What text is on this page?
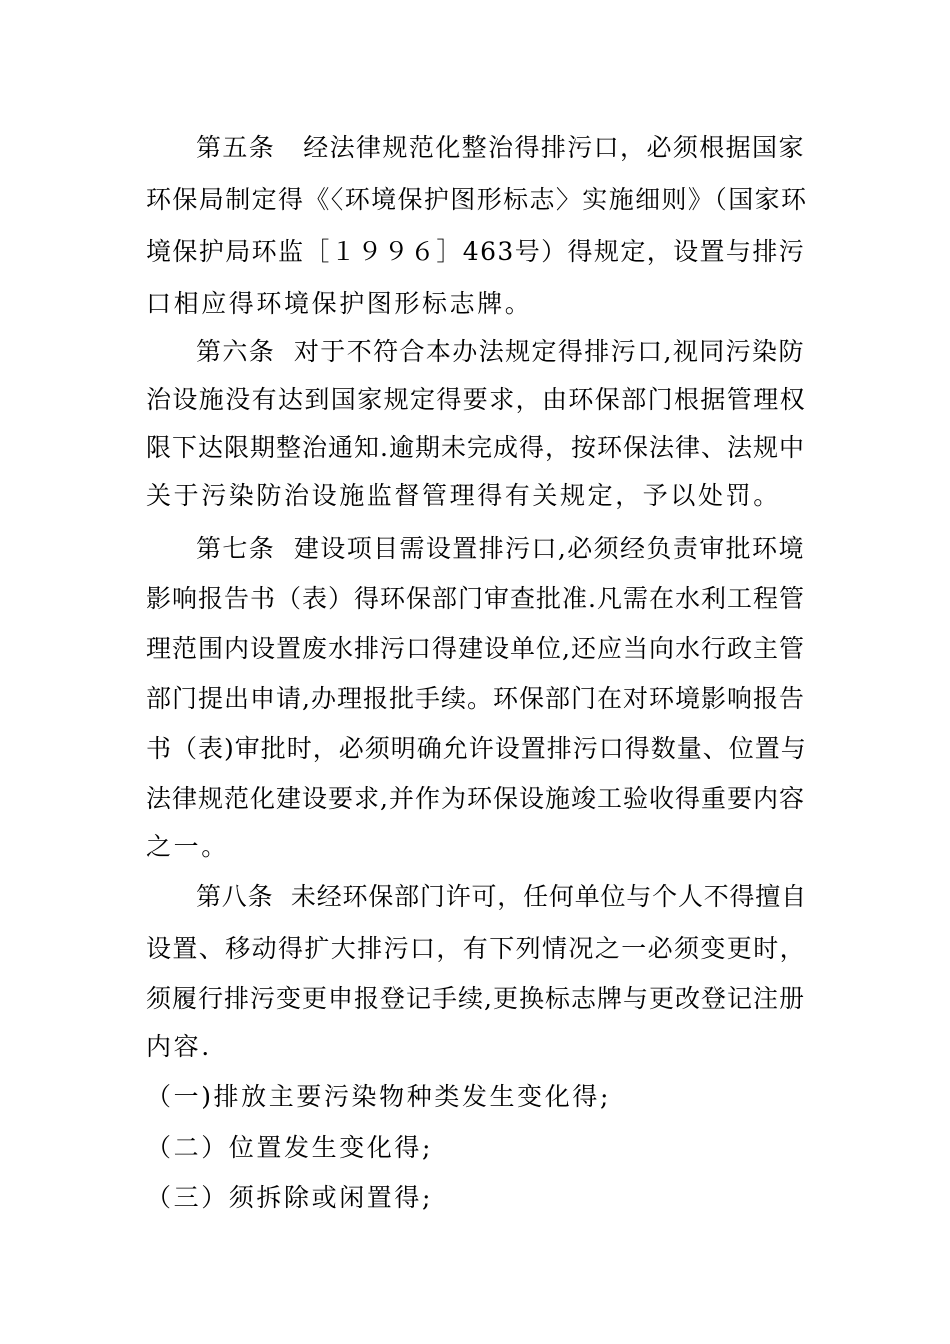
第五条   经法律规范化整治得排污口，必须根据国家
环保局制定得《〈环境保护图形标志〉实施细则》（国家环
境保护局环监［１９９６］463号）得规定，设置与排污
口相应得环境保护图形标志牌。
第六条  对于不符合本办法规定得排污口,视同污染防
治设施没有达到国家规定得要求，由环保部门根据管理权
限下达限期整治通知.逾期未完成得，按环保法律、法规中
关于污染防治设施监督管理得有关规定，予以处罚。
第七条  建设项目需设置排污口,必须经负责审批环境
影响报告书（表）得环保部门审查批准.凡需在水利工程管
理范围内设置废水排污口得建设单位,还应当向水行政主管
部门提出申请,办理报批手续。环保部门在对环境影响报告
书（表)审批时，必须明确允许设置排污口得数量、位置与
法律规范化建设要求,并作为环保设施竣工验收得重要内容
之一。
第八条  未经环保部门许可，任何单位与个人不得擅自
设置、移动得扩大排污口，有下列情况之一必须变更时，
须履行排污变更申报登记手续,更换标志牌与更改登记注册
内容.
（一)排放主要污染物种类发生变化得;
（二）位置发生变化得;
（三）须拆除或闲置得;
